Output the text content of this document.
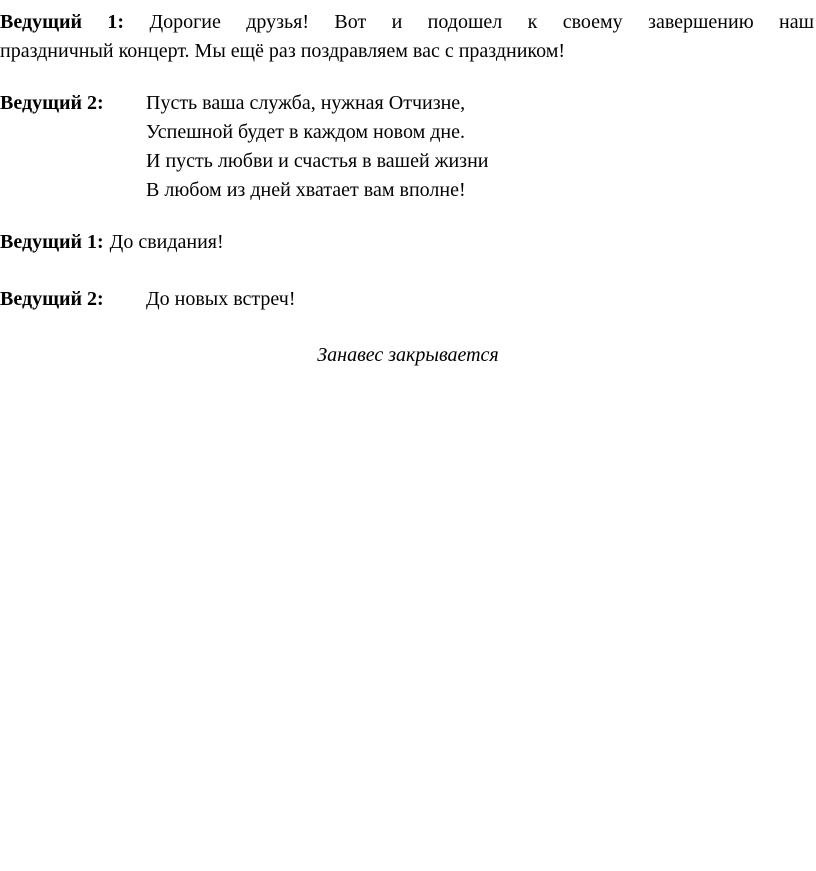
Ведущий 1: Дорогие друзья! Вот и подошел к своему завершению наш
праздничный концерт. Мы ещё раз поздравляем вас с праздником!
Ведущий 2: Пусть ваша служба, нужная Отчизне,
Успешной будет в каждом новом дне.
И пусть любви и счастья в вашей жизни
В любом из дней хватает вам вполне!
Ведущий 1: До свидания!
Ведущий 2: До новых встреч!
Занавес закрывается
